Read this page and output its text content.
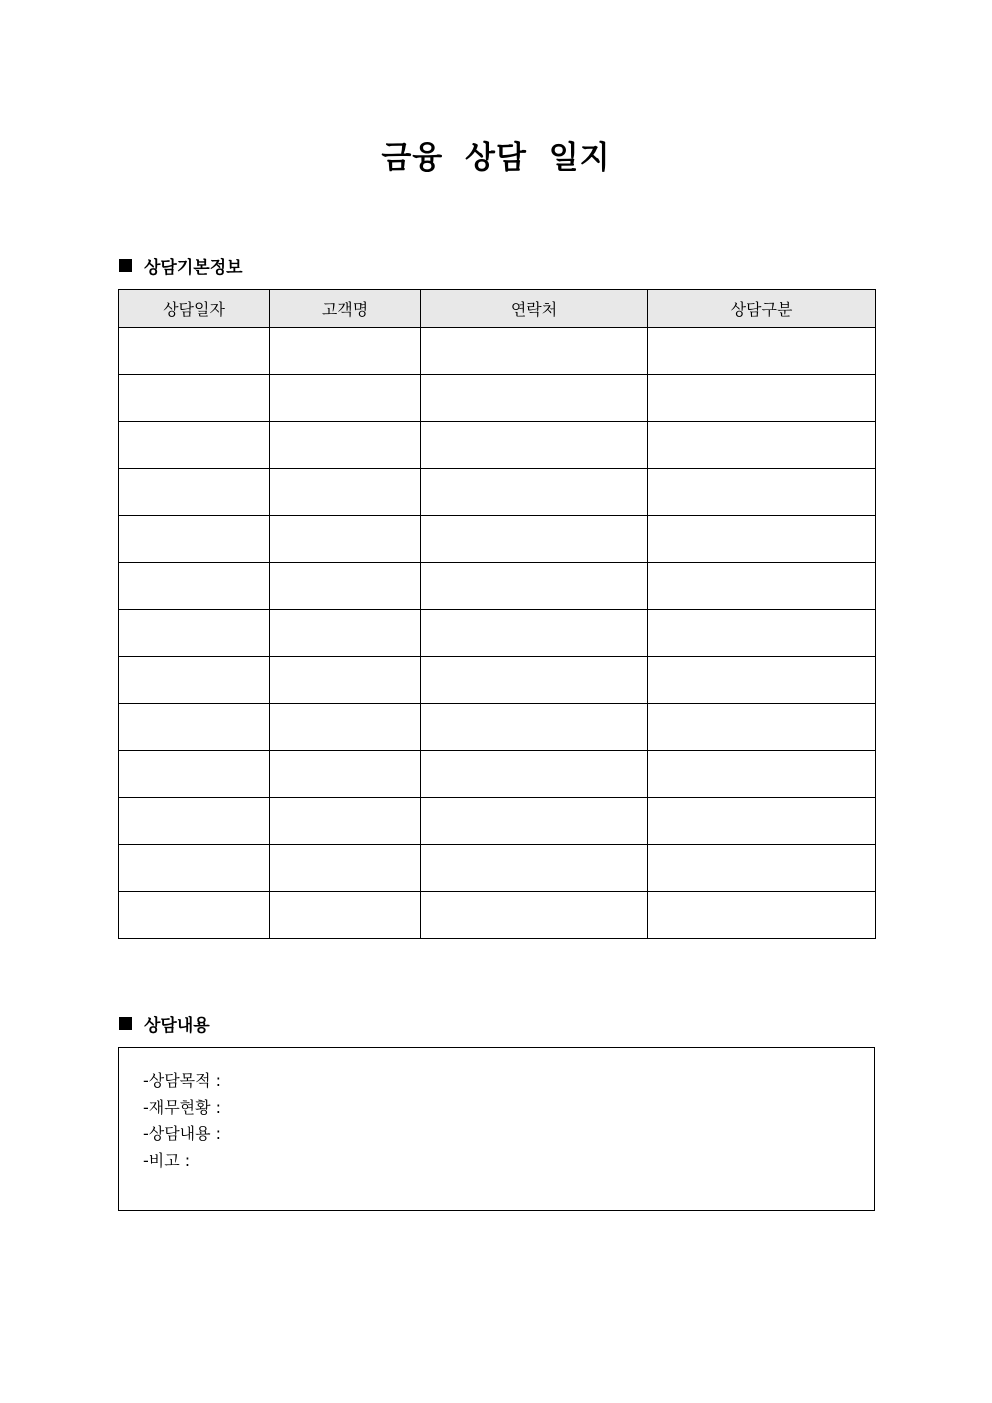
금융 상담 일지
상담기본정보
상담일자	고객명	연락처	상담구분

상담내용
-상담목적 :
-재무현황 :
-상담내용 :
-비고 :
